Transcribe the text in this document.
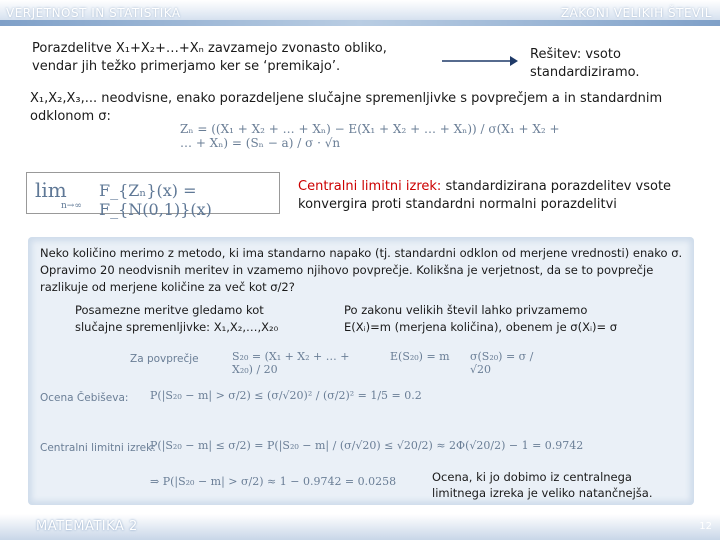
VERJETNOST IN STATISTIKA	ZAKONI VELIKIH ŠTEVIL
Porazdelitve X₁+X₂+…+Xₙ zavzamejo zvonasto obliko,
vendar jih težko primerjamo ker se ‘premikajo’.
Rešitev: vsoto
standardiziramo.
X₁,X₂,X₃,... neodvisne, enako porazdeljene slučajne spremenljivke s povprečjem a in standardnim
odklonom σ:
Zₙ = ((X₁ + X₂ + … + Xₙ) − E(X₁ + X₂ + … + Xₙ)) / σ(X₁ + X₂ + … + Xₙ) = (Sₙ − a) / σ · √n
lim
n→∞
F_{Zₙ}(x) = F_{N(0,1)}(x)
Centralni limitni izrek: standardizirana porazdelitev vsote
konvergira proti standardni normalni porazdelitvi
Neko količino merimo z metodo, ki ima standarno napako (tj. standardni odklon od merjene vrednosti) enako σ.
Opravimo 20 neodvisnih meritev in vzamemo njihovo povprečje. Kolikšna je verjetnost, da se to povprečje
razlikuje od merjene količine za več kot σ/2?
Posamezne meritve gledamo kot
slučajne spremenljivke: X₁,X₂,…,X₂₀
Po zakonu velikih števil lahko privzamemo
E(Xᵢ)=m (merjena količina), obenem je σ(Xᵢ)= σ
Za povprečje	S₂₀ = (X₁ + X₂ + … + X₂₀) / 20
E(S₂₀) = m	σ(S₂₀) = σ / √20
Ocena Čebiševa: P(|S₂₀ − m| > σ/2) ≤ (σ/√20)² / (σ/2)² = 1/5 = 0.2
Centralni limitni izrek:
P(|S₂₀ − m| ≤ σ/2) = P(|S₂₀ − m| / (σ/√20) ≤ √20/2) ≈ 2Φ(√20/2) − 1 = 0.9742
⇒ P(|S₂₀ − m| > σ/2) ≈ 1 − 0.9742 = 0.0258	Ocena, ki jo dobimo iz centralnega
limitnega izreka je veliko natančnejša.
MATEMATIKA 2	12
